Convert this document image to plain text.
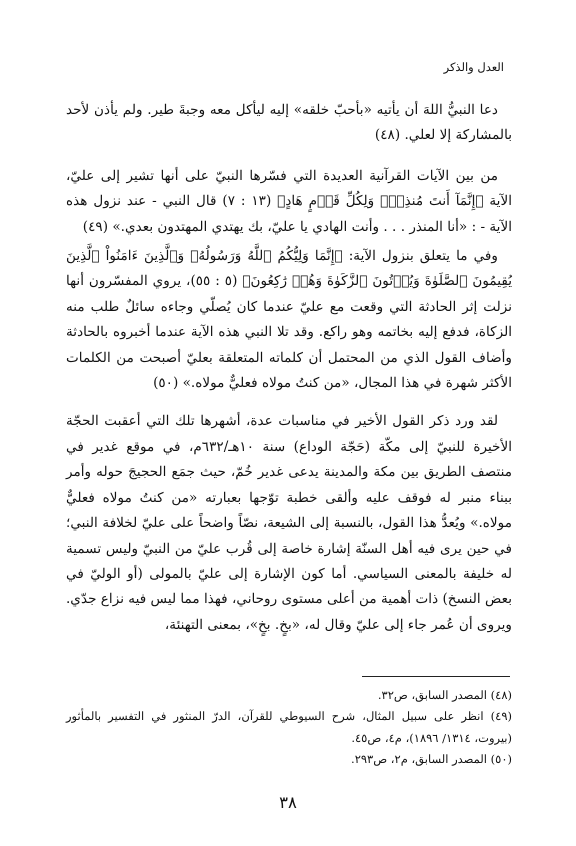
العدل والذكر

دعا النبيُّ اللهَ أن يأتيه «بأحبّ خلقه» إليه ليأكل معه وجبةَ طير. ولم يأذن لأحد بالمشاركة إلا لعلي. (٤٨)

من بين الآيات القرآنية العديدة التي فسّرها النبيّ على أنها تشير إلى عليّ، الآية ﴿إِنَّمَآ أَنتَ مُنذِرٌۖ وَلِكُلِّ قَوۡمٍ هَادٍ﴾ (١٣ : ٧) قال النبي - عند نزول هذه الآية - : «أنا المنذر . . . وأنت الهادي يا عليّ، بك يهتدي المهتدون بعدي.» (٤٩)

وفي ما يتعلق بنزول الآية: ﴿إِنَّمَا وَلِيُّكُمُ ٱللَّهُ وَرَسُولُهُۥ وَٱلَّذِينَ ءَامَنُواْ ٱلَّذِينَ يُقِيمُونَ ٱلصَّلَوٰةَ وَيُؤۡتُونَ ٱلزَّكَوٰةَ وَهُمۡ رَٰكِعُونَ﴾ (٥ : ٥٥)، يروي المفسّرون أنها نزلت إثر الحادثة التي وقعت مع عليّ عندما كان يُصلّي وجاءه سائلٌ طلب منه الزكاة، فدفع إليه بخاتمه وهو راكع. وقد تلا النبي هذه الآية عندما أخبروه بالحادثة وأضاف القول الذي من المحتمل أن كلماته المتعلقة بعليّ أصبحت من الكلمات الأكثر شهرة في هذا المجال، «من كنتُ مولاه فعليٌّ مولاه.» (٥٠)

لقد ورد ذكر القول الأخير في مناسبات عدة، أشهرها تلك التي أعقبت الحجّة الأخيرة للنبيّ إلى مكّة (حَجّة الوداع) سنة ١٠هـ/٦٣٢م، في موقع غدير في منتصف الطريق بين مكة والمدينة يدعى غدير خُمّ، حيث جمَع الحجيجَ حوله وأمر ببناء منبر له فوقف عليه وألقى خطبة توّجها بعبارته «من كنتُ مولاه فعليٌّ مولاه.» ويُعدُّ هذا القول، بالنسبة إلى الشيعة، نصّاً واضحاً على عليّ لخلافة النبي؛ في حين يرى فيه أهل السنّة إشارة خاصة إلى قُرب عليّ من النبيّ وليس تسمية له خليفة بالمعنى السياسي. أما كون الإشارة إلى عليّ بالمولى (أو الوليّ في بعض النسخ) ذات أهمية من أعلى مستوى روحاني، فهذا مما ليس فيه نزاع جدّي. ويروى أن عُمر جاء إلى عليّ وقال له، «بخٍ. بخٍ»، بمعنى التهنئة،

(٤٨) المصدر السابق، ص٣٢.

(٤٩) انظر على سبيل المثال، شرح السيوطي للقرآن، الدرّ المنثور في التفسير بالمأثور (بيروت، ١٣١٤/ ١٨٩٦)، م٤، ص٤٥.

(٥٠) المصدر السابق، م٢، ص٢٩٣.

٣٨
